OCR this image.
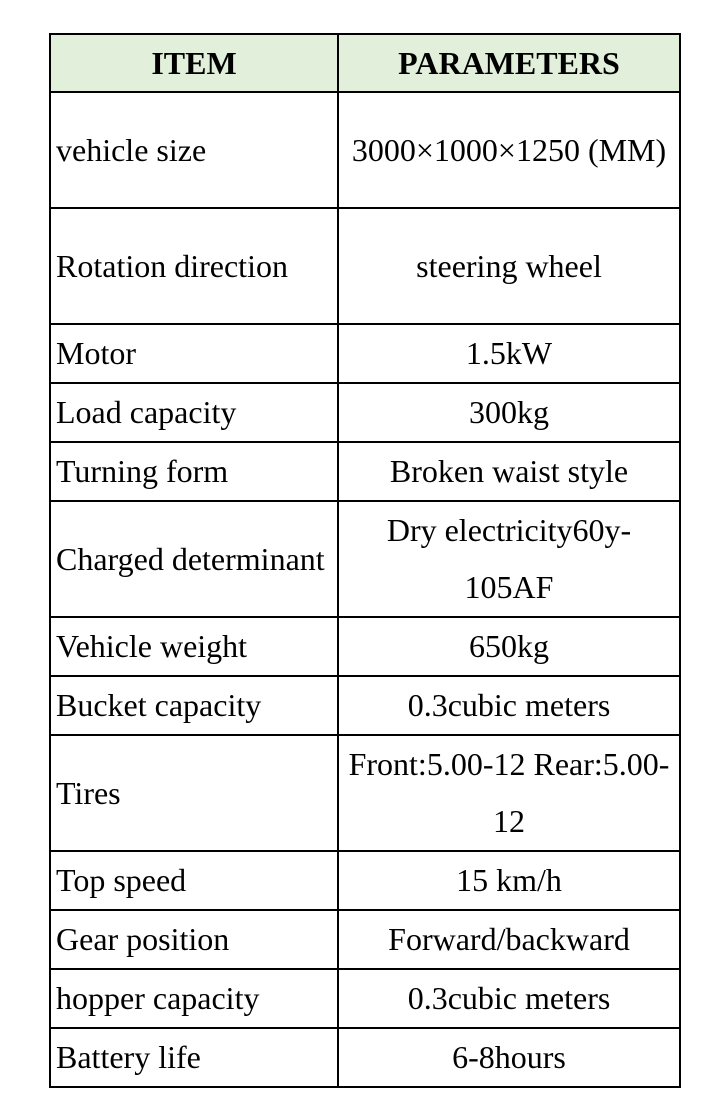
ITEM	PARAMETERS
vehicle size	3000×1000×1250 (MM)
Rotation direction	steering wheel
Motor	1.5kW
Load capacity	300kg
Turning form	Broken waist style
Charged determinant	Dry electricity60y-105AF
Vehicle weight	650kg
Bucket capacity	0.3cubic meters
Tires	Front:5.00-12 Rear:5.00-12
Top speed	15 km/h
Gear position	Forward/backward
hopper capacity	0.3cubic meters
Battery life	6-8hours
